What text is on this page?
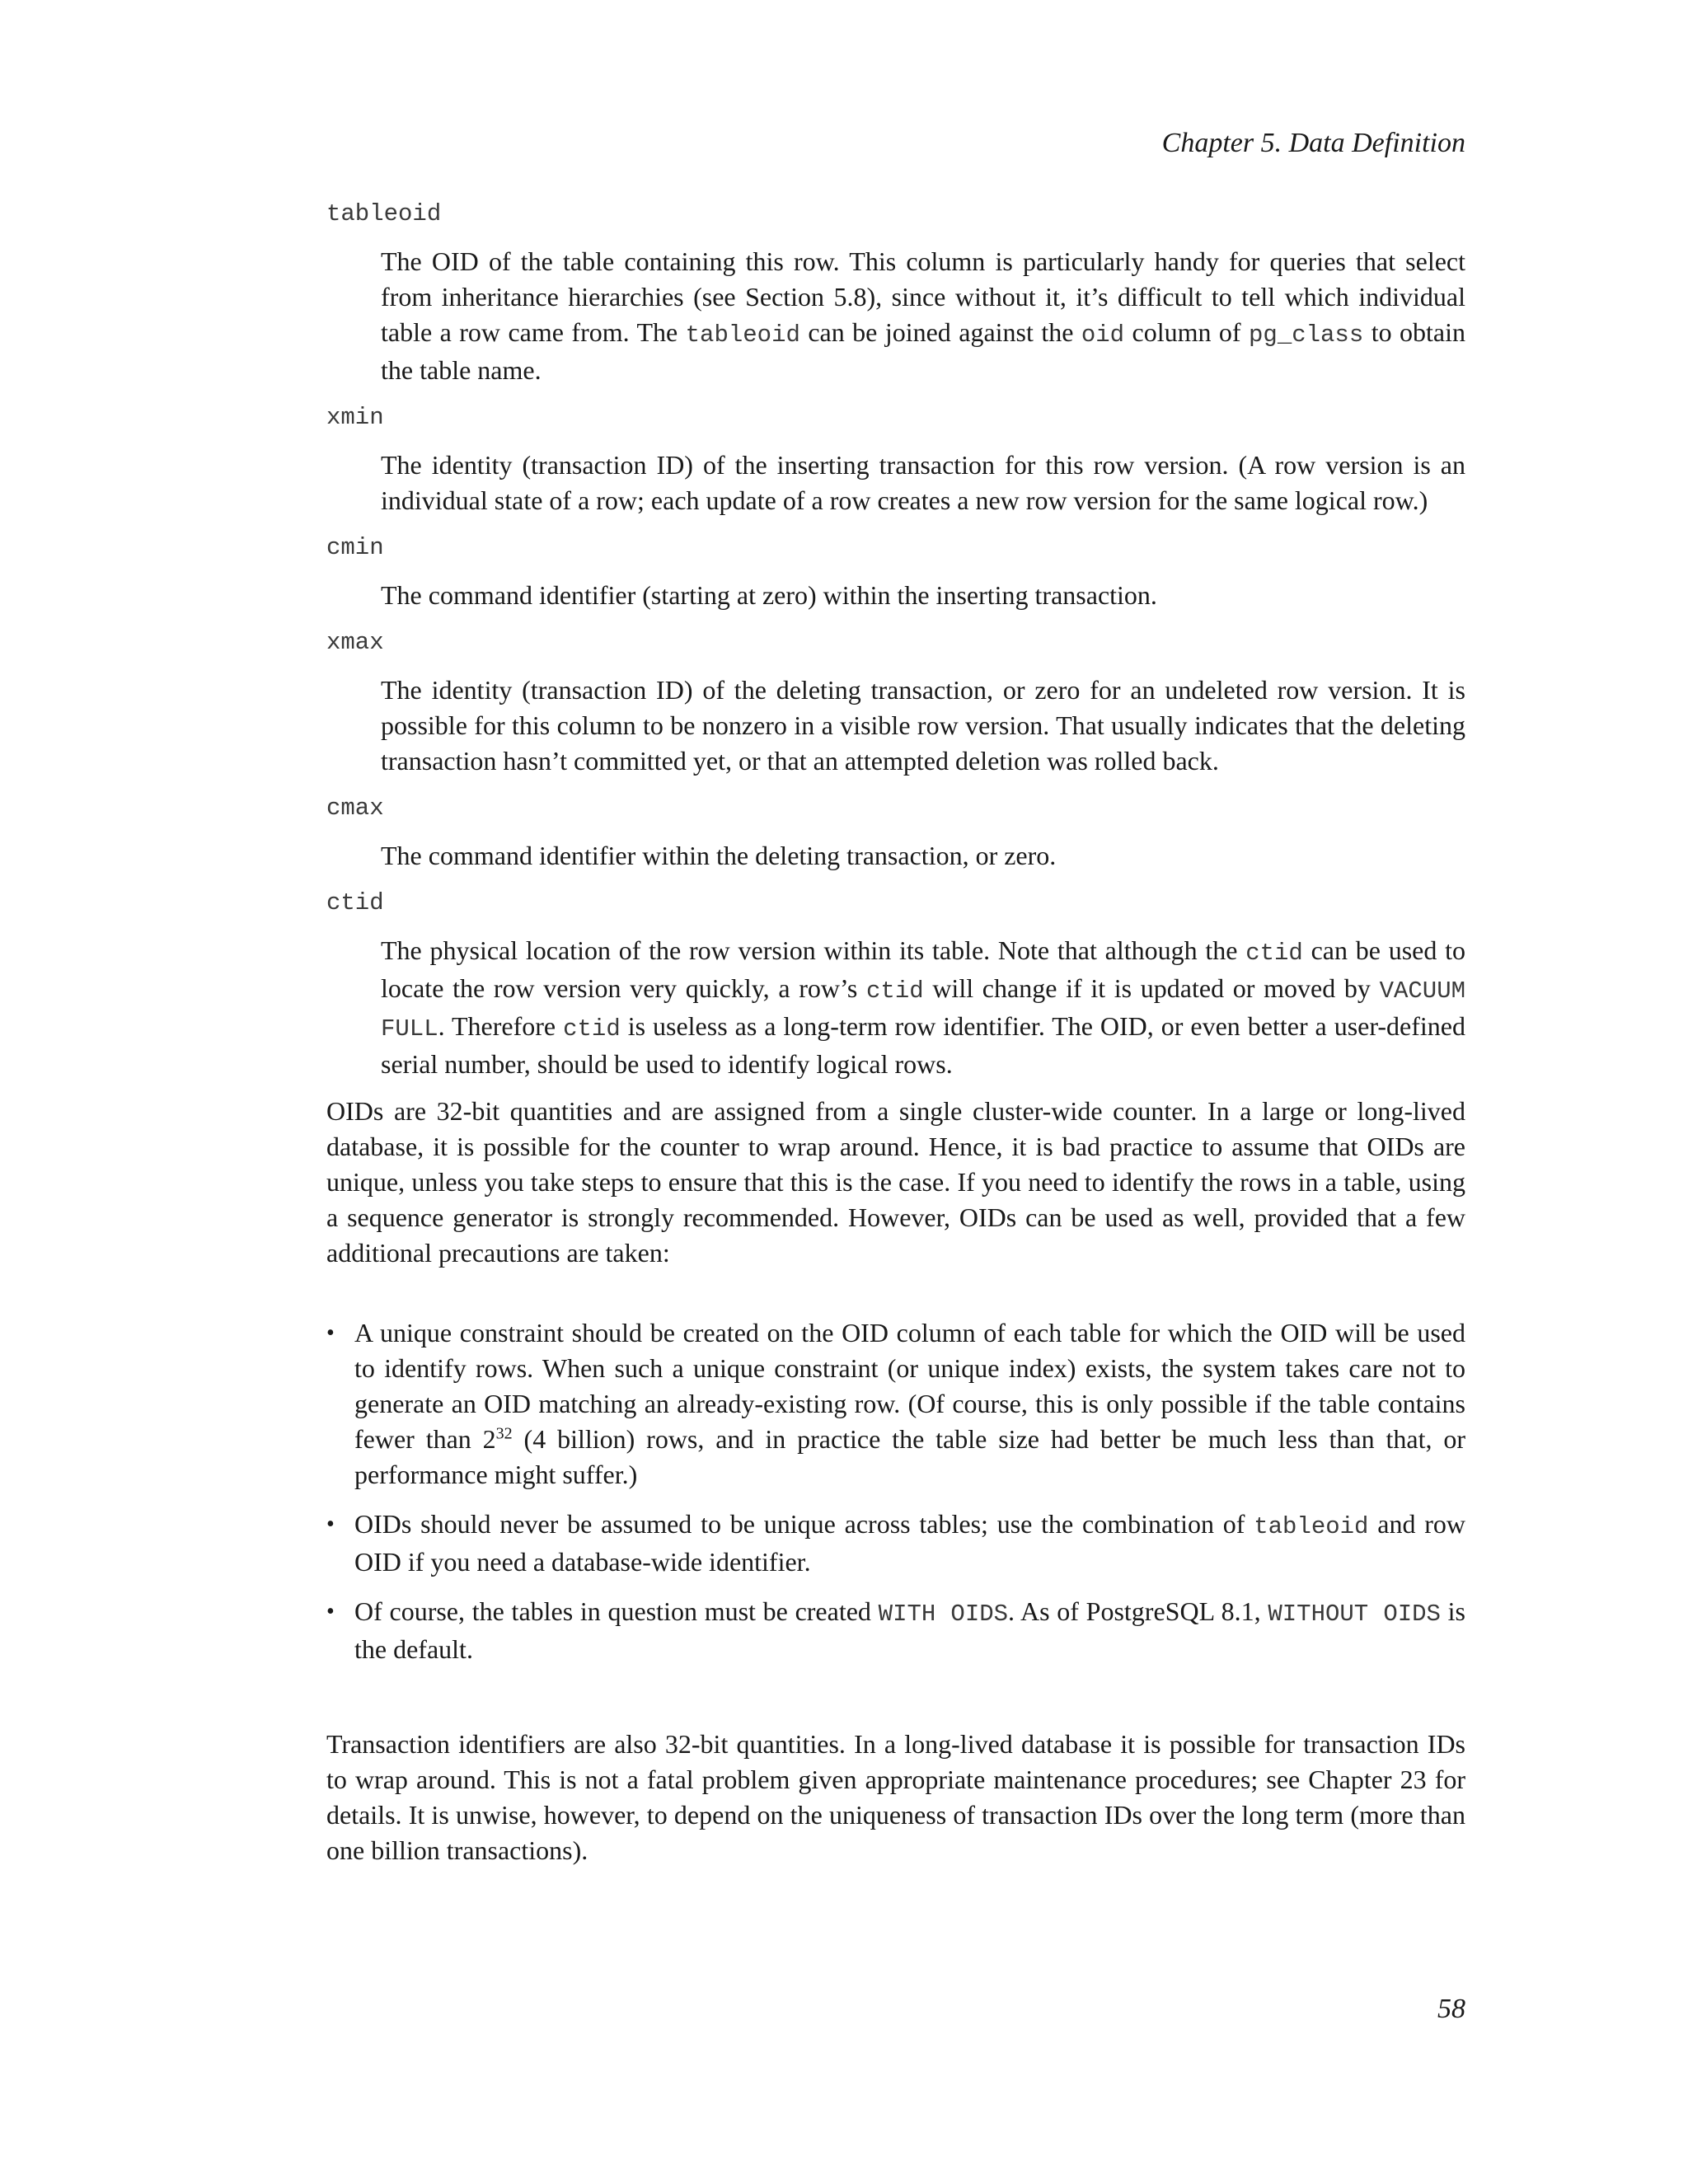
Chapter 5. Data Definition
tableoid

The OID of the table containing this row. This column is particularly handy for queries that select from inheritance hierarchies (see Section 5.8), since without it, it’s difficult to tell which individual table a row came from. The tableoid can be joined against the oid column of pg_class to obtain the table name.

xmin

The identity (transaction ID) of the inserting transaction for this row version. (A row version is an individual state of a row; each update of a row creates a new row version for the same logical row.)

cmin

The command identifier (starting at zero) within the inserting transaction.

xmax

The identity (transaction ID) of the deleting transaction, or zero for an undeleted row version. It is possible for this column to be nonzero in a visible row version. That usually indicates that the deleting transaction hasn’t committed yet, or that an attempted deletion was rolled back.

cmax

The command identifier within the deleting transaction, or zero.

ctid

The physical location of the row version within its table. Note that although the ctid can be used to locate the row version very quickly, a row’s ctid will change if it is updated or moved by VACUUM FULL. Therefore ctid is useless as a long-term row identifier. The OID, or even better a user-defined serial number, should be used to identify logical rows.

OIDs are 32-bit quantities and are assigned from a single cluster-wide counter. In a large or long-lived database, it is possible for the counter to wrap around. Hence, it is bad practice to assume that OIDs are unique, unless you take steps to ensure that this is the case. If you need to identify the rows in a table, using a sequence generator is strongly recommended. However, OIDs can be used as well, provided that a few additional precautions are taken:

• A unique constraint should be created on the OID column of each table for which the OID will be used to identify rows. When such a unique constraint (or unique index) exists, the system takes care not to generate an OID matching an already-existing row. (Of course, this is only possible if the table contains fewer than $2^{32}$ (4 billion) rows, and in practice the table size had better be much less than that, or performance might suffer.)
• OIDs should never be assumed to be unique across tables; use the combination of tableoid and row OID if you need a database-wide identifier.
• Of course, the tables in question must be created WITH OIDS. As of PostgreSQL 8.1, WITHOUT OIDS is the default.

Transaction identifiers are also 32-bit quantities. In a long-lived database it is possible for transaction IDs to wrap around. This is not a fatal problem given appropriate maintenance procedures; see Chapter 23 for details. It is unwise, however, to depend on the uniqueness of transaction IDs over the long term (more than one billion transactions).

58
